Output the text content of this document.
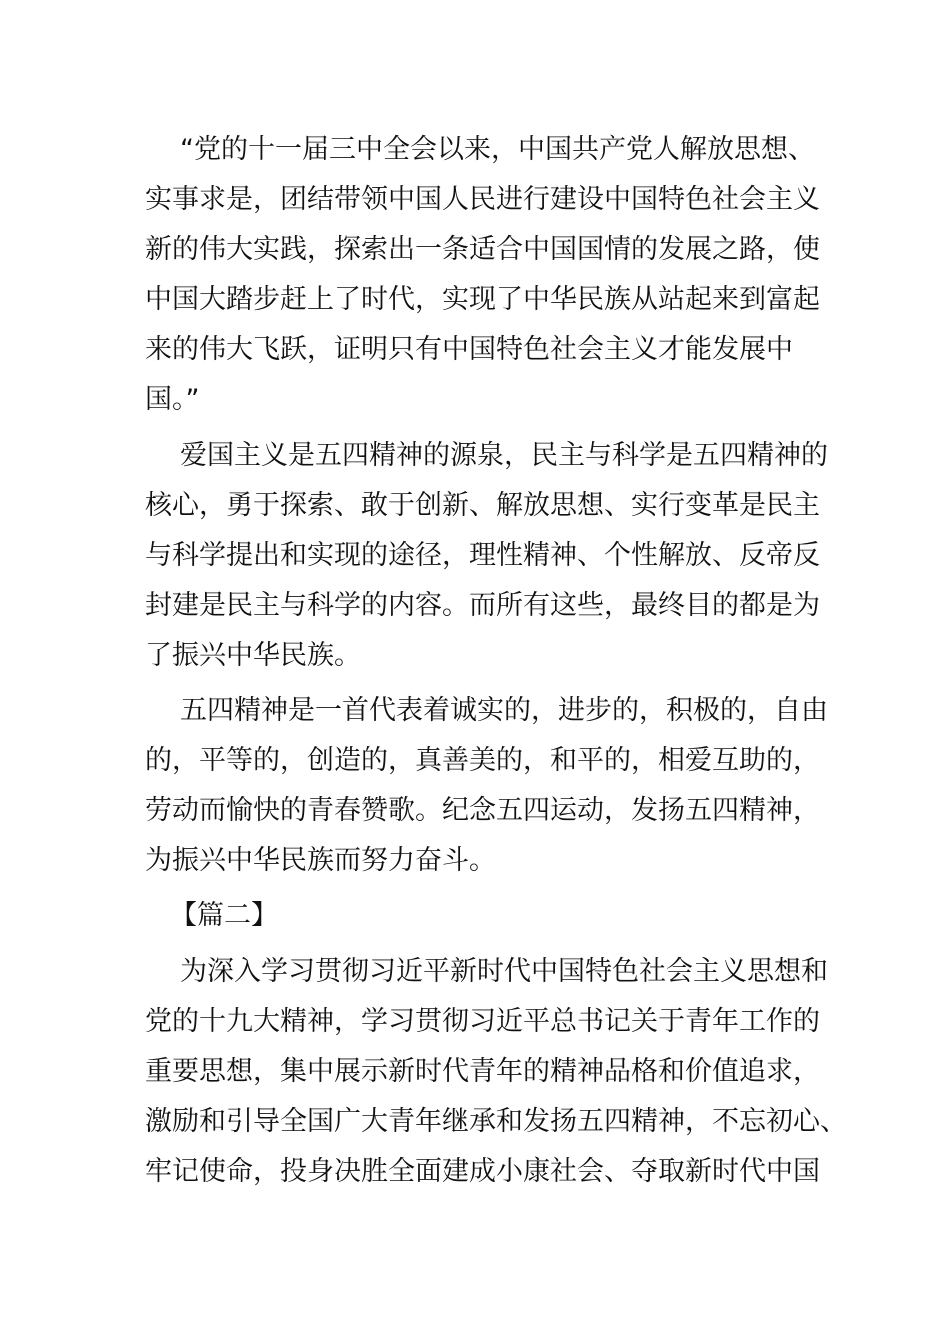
“党的十一届三中全会以来，中国共产党人解放思想、
实事求是，团结带领中国人民进行建设中国特色社会主义
新的伟大实践，探索出一条适合中国国情的发展之路，使
中国大踏步赶上了时代，实现了中华民族从站起来到富起
来的伟大飞跃，证明只有中国特色社会主义才能发展中
国。”
爱国主义是五四精神的源泉，民主与科学是五四精神的
核心，勇于探索、敢于创新、解放思想、实行变革是民主
与科学提出和实现的途径，理性精神、个性解放、反帝反
封建是民主与科学的内容。而所有这些，最终目的都是为
了振兴中华民族。
五四精神是一首代表着诚实的，进步的，积极的，自由
的，平等的，创造的，真善美的，和平的，相爱互助的，
劳动而愉快的青春赞歌。纪念五四运动，发扬五四精神，
为振兴中华民族而努力奋斗。
【篇二】
为深入学习贯彻习近平新时代中国特色社会主义思想和
党的十九大精神，学习贯彻习近平总书记关于青年工作的
重要思想，集中展示新时代青年的精神品格和价值追求，
激励和引导全国广大青年继承和发扬五四精神，不忘初心、
牢记使命，投身决胜全面建成小康社会、夺取新时代中国
